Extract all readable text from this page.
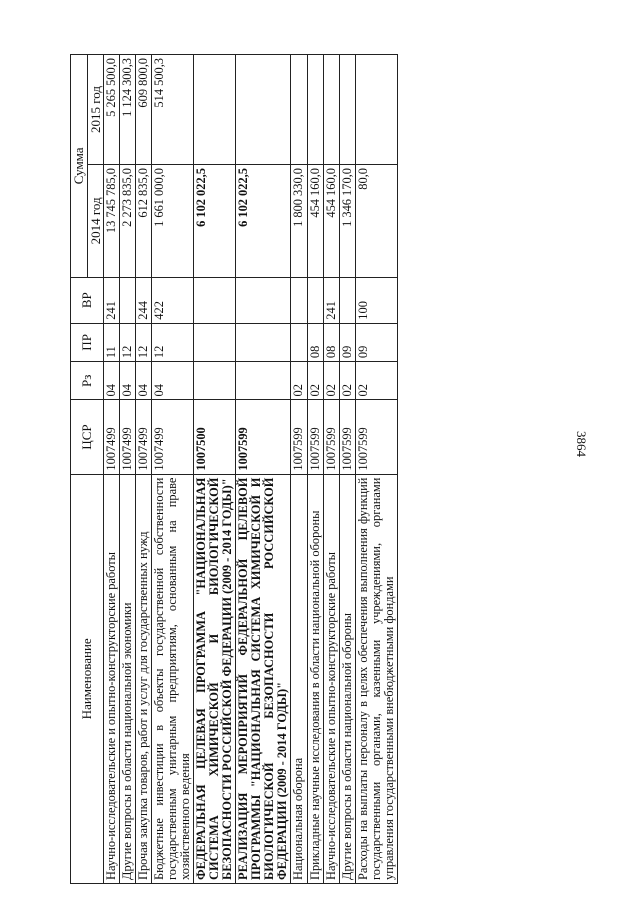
3864
Наименование	ЦСР	Рз	ПР	ВР	Сумма	
					2014 год	2015 год
Научно-исследовательские и опытно-конструкторские работы	1007499	04	11	241	13 745 785,0	5 265 500,0
Другие вопросы в области национальной экономики	1007499	04	12		2 273 835,0	1 124 300,3
Прочая закупка товаров, работ и услуг для государственных нужд	1007499	04	12	244	612 835,0	609 800,0
Бюджетные инвестиции в объекты государственной собственности государственным унитарным предприятиям, основанным на праве хозяйственного ведения	1007499	04	12	422	1 661 000,0	514 500,3
ФЕДЕРАЛЬНАЯ ЦЕЛЕВАЯ ПРОГРАММА "НАЦИОНАЛЬНАЯ СИСТЕМА ХИМИЧЕСКОЙ И БИОЛОГИЧЕСКОЙ БЕЗОПАСНОСТИ РОССИЙСКОЙ ФЕДЕРАЦИИ (2009 - 2014 ГОДЫ)"	1007500				6 102 022,5	
РЕАЛИЗАЦИЯ МЕРОПРИЯТИЙ ФЕДЕРАЛЬНОЙ ЦЕЛЕВОЙ ПРОГРАММЫ "НАЦИОНАЛЬНАЯ СИСТЕМА ХИМИЧЕСКОЙ И БИОЛОГИЧЕСКОЙ БЕЗОПАСНОСТИ РОССИЙСКОЙ ФЕДЕРАЦИИ (2009 - 2014 ГОДЫ)"	1007599				6 102 022,5	
Национальная оборона	1007599	02			1 800 330,0	
Прикладные научные исследования в области национальной обороны	1007599	02	08		454 160,0	
Научно-исследовательские и опытно-конструкторские работы	1007599	02	08	241	454 160,0	
Другие вопросы в области национальной обороны	1007599	02	09		1 346 170,0	
Расходы на выплаты персоналу в целях обеспечения выполнения функций государственными органами, казенными учреждениями, органами управления государственными внебюджетными фондами	1007599	02	09	100	80,0	
